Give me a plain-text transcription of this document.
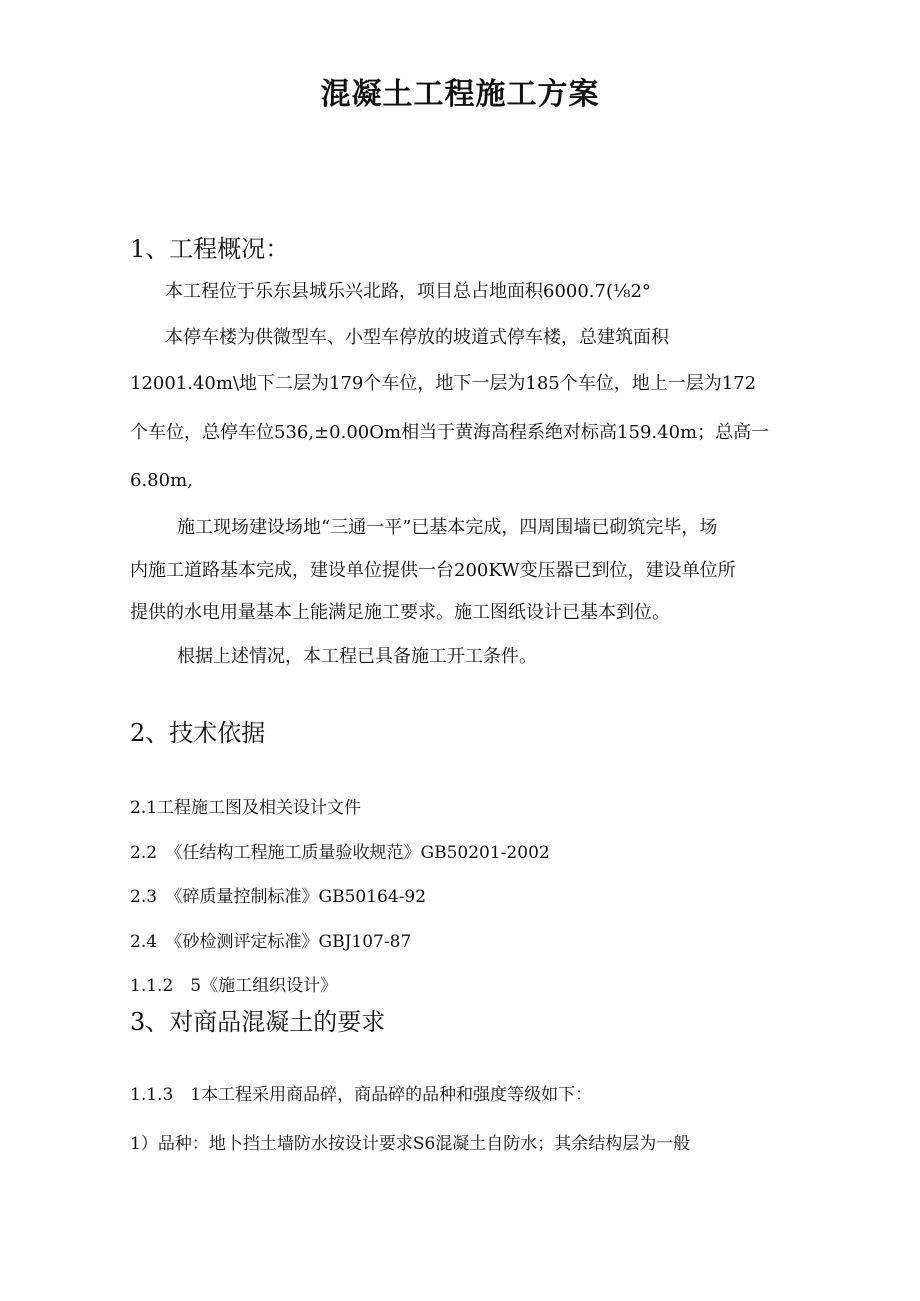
混凝土工程施工方案
1、工程概况：

本工程位于乐东县城乐兴北路，项目总占地面积6000.7(⅛2°

本停车楼为供微型车、小型车停放的坡道式停车楼，总建筑面积

12001.40m\地下二层为179个车位，地下一层为185个车位，地上一层为172

个车位，总停车位536,±0.00Om相当于黄海高程系绝对标高159.40m；总高一

6.80m,

施工现场建设场地“三通一平”已基本完成，四周围墙已砌筑完毕，场

内施工道路基本完成，建设单位提供一台200KW变压器已到位，建设单位所

提供的水电用量基本上能满足施工要求。施工图纸设计已基本到位。

根据上述情况，本工程已具备施工开工条件。

2、技术依据

2.1工程施工图及相关设计文件

2.2　《任结构工程施工质量验收规范》GB50201-2002

2.3　《碎质量控制标准》GB50164-92

2.4　《砂检测评定标准》GBJ107-87

1.1.2　5《施工组织设计》

3、对商品混凝土的要求

1.1.3　1本工程采用商品碎，商品碎的品种和强度等级如下：

1）品种：地卜挡土墙防水按设计要求S6混凝土自防水；其余结构层为一般
